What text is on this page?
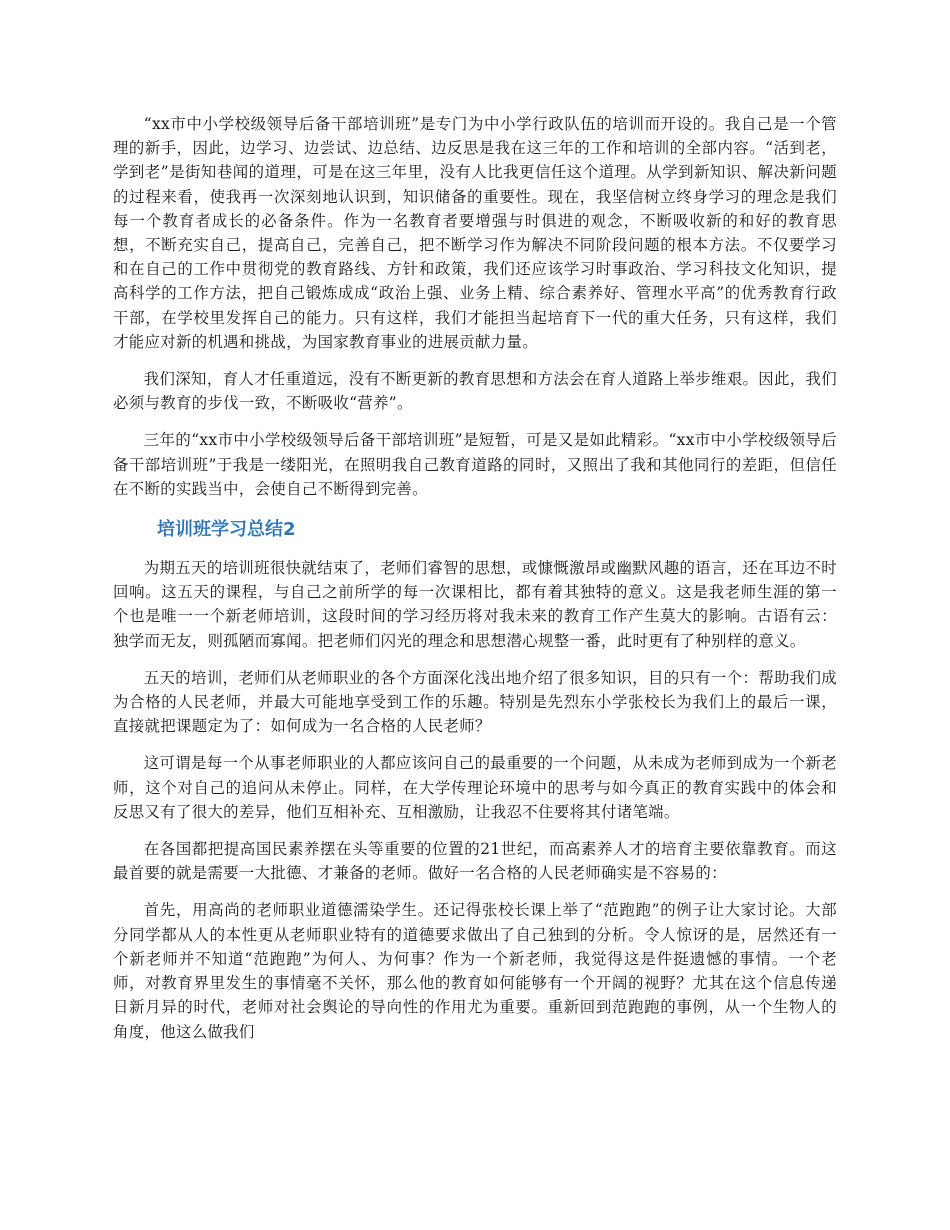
“xx市中小学校级领导后备干部培训班”是专门为中小学行政队伍的培训而开设的。我自己是一个管理的新手，因此，边学习、边尝试、边总结、边反思是我在这三年的工作和培训的全部内容。“活到老，学到老”是街知巷闻的道理，可是在这三年里，没有人比我更信任这个道理。从学到新知识、解决新问题的过程来看，使我再一次深刻地认识到，知识储备的重要性。现在，我坚信树立终身学习的理念是我们每一个教育者成长的必备条件。作为一名教育者要增强与时俱进的观念，不断吸收新的和好的教育思想，不断充实自己，提高自己，完善自己，把不断学习作为解决不同阶段问题的根本方法。不仅要学习和在自己的工作中贯彻党的教育路线、方针和政策，我们还应该学习时事政治、学习科技文化知识，提高科学的工作方法，把自己锻炼成成“政治上强、业务上精、综合素养好、管理水平高”的优秀教育行政干部，在学校里发挥自己的能力。只有这样，我们才能担当起培育下一代的重大任务，只有这样，我们才能应对新的机遇和挑战，为国家教育事业的进展贡献力量。

我们深知，育人才任重道远，没有不断更新的教育思想和方法会在育人道路上举步维艰。因此，我们必须与教育的步伐一致，不断吸收“营养”。

三年的“xx市中小学校级领导后备干部培训班”是短暂，可是又是如此精彩。“xx市中小学校级领导后备干部培训班”于我是一缕阳光，在照明我自己教育道路的同时，又照出了我和其他同行的差距，但信任在不断的实践当中，会使自己不断得到完善。

培训班学习总结2

为期五天的培训班很快就结束了，老师们睿智的思想，或慷慨激昂或幽默风趣的语言，还在耳边不时回响。这五天的课程，与自己之前所学的每一次课相比，都有着其独特的意义。这是我老师生涯的第一个也是唯一一个新老师培训，这段时间的学习经历将对我未来的教育工作产生莫大的影响。古语有云：独学而无友，则孤陋而寡闻。把老师们闪光的理念和思想潜心规整一番，此时更有了种别样的意义。

五天的培训，老师们从老师职业的各个方面深化浅出地介绍了很多知识，目的只有一个：帮助我们成为合格的人民老师，并最大可能地享受到工作的乐趣。特别是先烈东小学张校长为我们上的最后一课，直接就把课题定为了：如何成为一名合格的人民老师？

这可谓是每一个从事老师职业的人都应该问自己的最重要的一个问题，从未成为老师到成为一个新老师，这个对自己的追问从未停止。同样，在大学传理论环境中的思考与如今真正的教育实践中的体会和反思又有了很大的差异，他们互相补充、互相激励，让我忍不住要将其付诸笔端。

在各国都把提高国民素养摆在头等重要的位置的21世纪，而高素养人才的培育主要依靠教育。而这最首要的就是需要一大批德、才兼备的老师。做好一名合格的人民老师确实是不容易的：

首先，用高尚的老师职业道德濡染学生。还记得张校长课上举了“范跑跑”的例子让大家讨论。大部分同学都从人的本性更从老师职业特有的道德要求做出了自己独到的分析。令人惊讶的是，居然还有一个新老师并不知道“范跑跑”为何人、为何事？作为一个新老师，我觉得这是件挺遗憾的事情。一个老师，对教育界里发生的事情毫不关怀，那么他的教育如何能够有一个开阔的视野？尤其在这个信息传递日新月异的时代，老师对社会舆论的导向性的作用尤为重要。重新回到范跑跑的事例，从一个生物人的角度，他这么做我们
